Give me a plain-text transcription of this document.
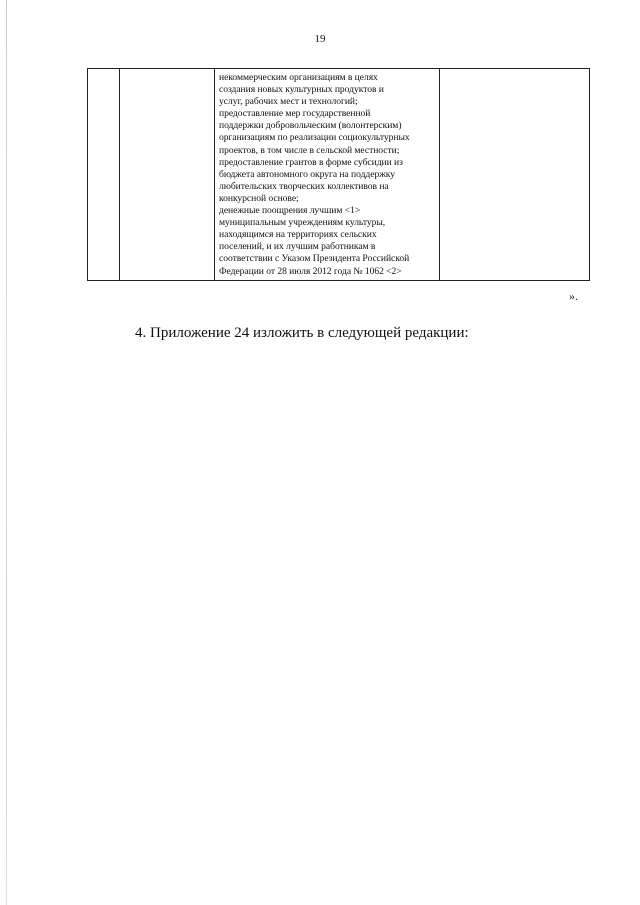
19

некоммерческим организациям в целях
создания новых культурных продуктов и
услуг, рабочих мест и технологий;
предоставление мер государственной
поддержки добровольческим (волонтерским)
организациям по реализации социокультурных
проектов, в том числе в сельской местности;
предоставление грантов в форме субсидии из
бюджета автономного округа на поддержку
любительских творческих коллективов на
конкурсной основе;
денежные поощрения лучшим <1>
муниципальным учреждениям культуры,
находящимся на территориях сельских
поселений, и их лучшим работникам в
соответствии с Указом Президента Российской
Федерации от 28 июля 2012 года № 1062 <2>

».
4. Приложение 24 изложить в следующей редакции:
